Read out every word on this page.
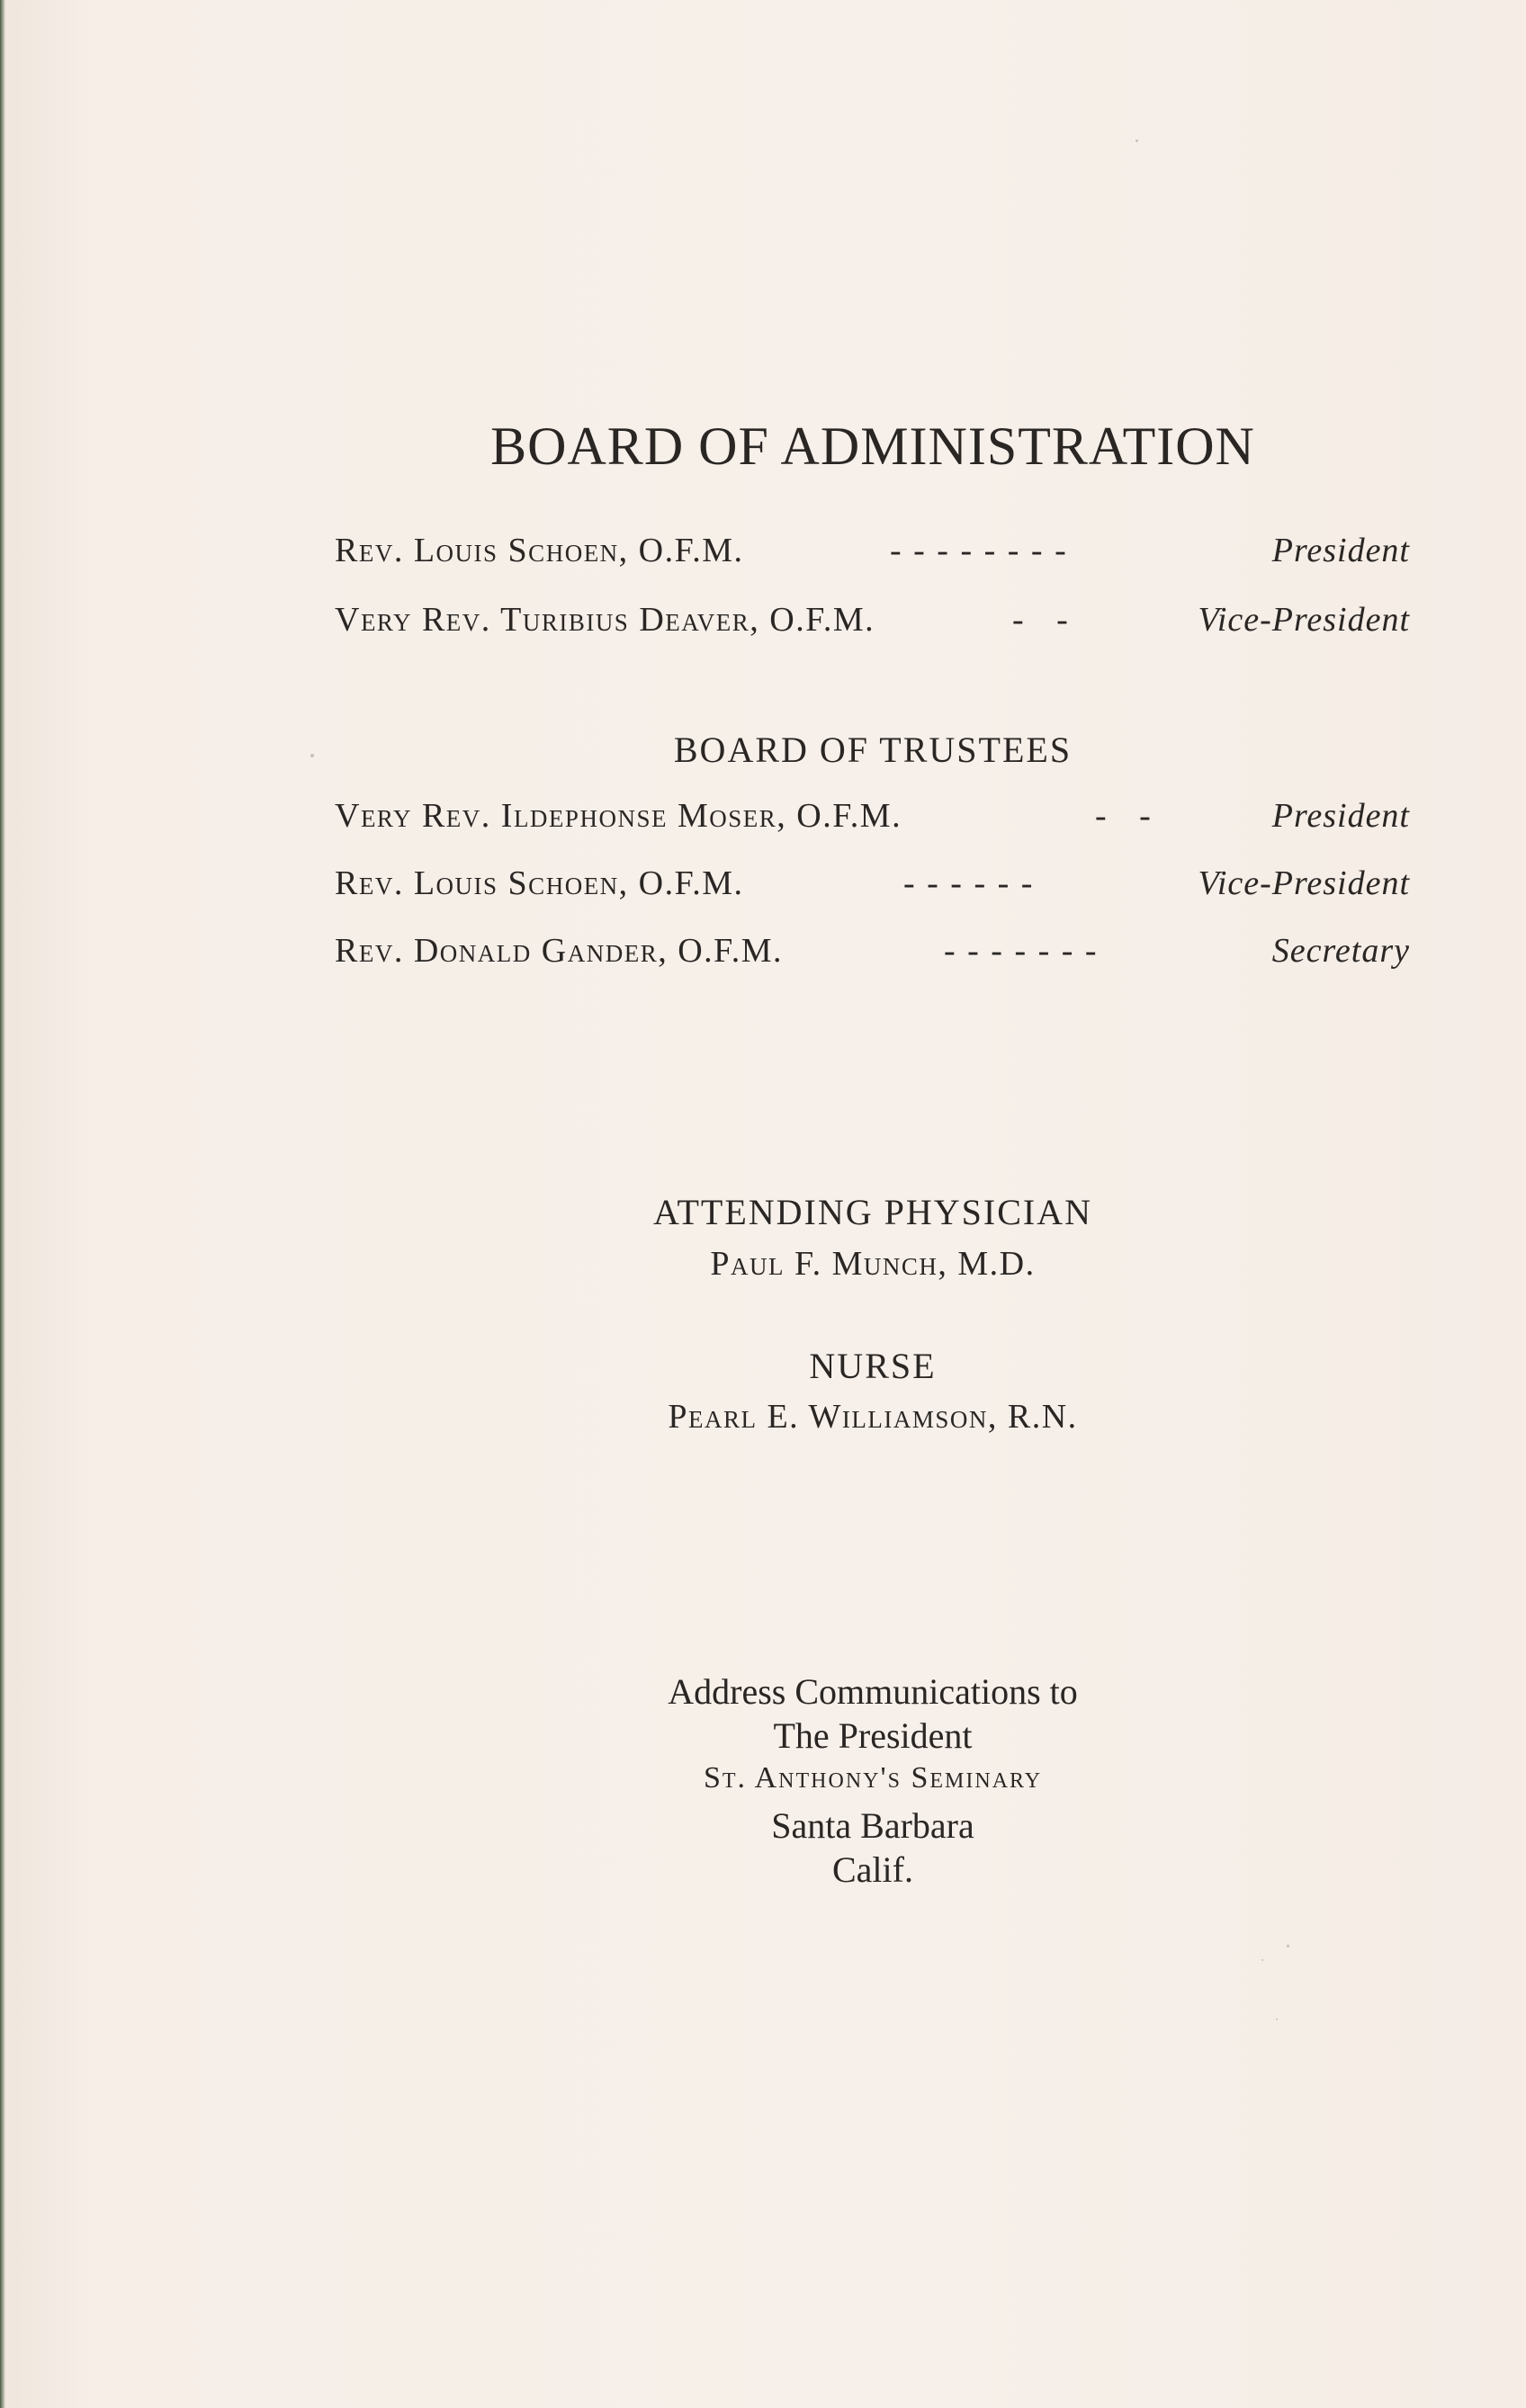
BOARD OF ADMINISTRATION
Rev. Louis Schoen, O.F.M.	- - - - - - - -	President
Very Rev. Turibius Deaver, O.F.M.	-   -	Vice-President
BOARD OF TRUSTEES
Very Rev. Ildephonse Moser, O.F.M.	-   -	President
Rev. Louis Schoen, O.F.M.	- - - - - -	Vice-President
Rev. Donald Gander, O.F.M.	- - - - - - -	Secretary
ATTENDING PHYSICIAN
Paul F. Munch, M.D.
NURSE
Pearl E. Williamson, R.N.
Address Communications to
The President
St. Anthony's Seminary
Santa Barbara
Calif.
